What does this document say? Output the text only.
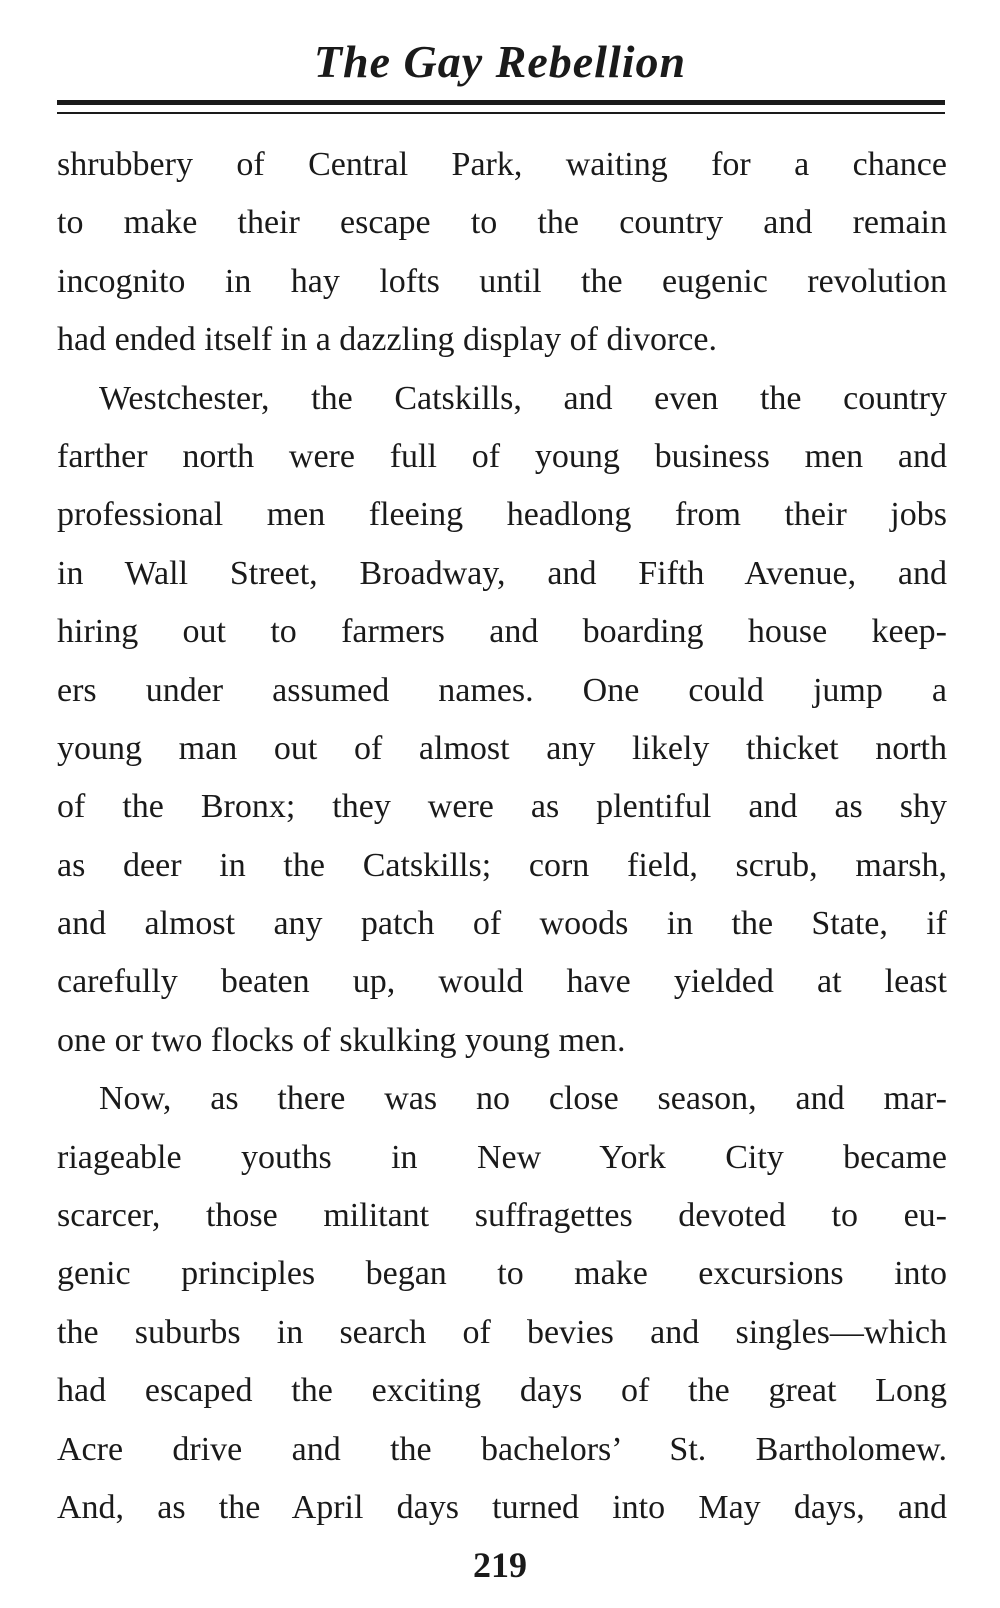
The Gay Rebellion
shrubbery of Central Park, waiting for a chance
to make their escape to the country and remain
incognito in hay lofts until the eugenic revolution
had ended itself in a dazzling display of divorce.
Westchester, the Catskills, and even the country
farther north were full of young business men and
professional men fleeing headlong from their jobs
in Wall Street, Broadway, and Fifth Avenue, and
hiring out to farmers and boarding house keep-
ers under assumed names. One could jump a
young man out of almost any likely thicket north
of the Bronx; they were as plentiful and as shy
as deer in the Catskills; corn field, scrub, marsh,
and almost any patch of woods in the State, if
carefully beaten up, would have yielded at least
one or two flocks of skulking young men.
Now, as there was no close season, and mar-
riageable youths in New York City became
scarcer, those militant suffragettes devoted to eu-
genic principles began to make excursions into
the suburbs in search of bevies and singles—which
had escaped the exciting days of the great Long
Acre drive and the bachelors’ St. Bartholomew.
And, as the April days turned into May days, and
219
